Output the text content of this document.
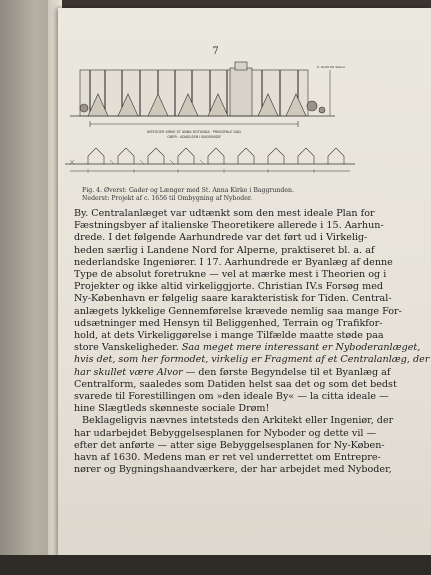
7
INTEGOER KIRKE ST ANNA ROTUNDA · PRINCIPALE GAD
OBER · ADAELSEN I BAGRUNDE
K. PLAN OG SKALA

Fig. 4. Øverst: Gader og Længer med St. Anna Kirke i Baggrunden.

Nederst: Projekt af c. 1656 til Ombygning af Nyboder.

By. Centralanlæget var udtænkt som den mest ideale Plan for
Fæstningsbyer af italienske Theoretikere allerede i 15. Aarhun-
drede. I det følgende Aarhundrede var det ført ud i Virkelig-
heden særlig i Landene Nord for Alperne, praktiseret bl. a. af
nederlandske Ingeniører. I 17. Aarhundrede er Byanlæg af denne
Type de absolut foretrukne — vel at mærke mest i Theorien og i
Projekter og ikke altid virkeliggjorte. Christian IV.s Forsøg med
Ny-København er følgelig saare karakteristisk for Tiden. Central-
anlægets lykkelige Gennemførelse krævede nemlig saa mange For-
udsætninger med Hensyn til Beliggenhed, Terrain og Trafikfor-
hold, at dets Virkeliggørelse i mange Tilfælde maatte støde paa
store Vanskeligheder. Saa meget mere interessant er Nyboderanlæget,
hvis det, som her formodet, virkelig er Fragment af et Centralanlæg, der
har skullet være Alvor — den første Begyndelse til et Byanlæg af
Centralform, saaledes som Datiden helst saa det og som det bedst
svarede til Forestillingen om »den ideale By« — la citta ideale —
hine Slægtleds skønneste sociale Drøm!
Beklageligvis nævnes intetsteds den Arkitekt eller Ingeniør, der
har udarbejdet Bebyggelsesplanen for Nyboder og dette vil —
efter det anførte — atter sige Bebyggelsesplanen for Ny-Køben-
havn af 1630. Medens man er ret vel underrettet om Entrepre-
nører og Bygningshaandværkere, der har arbejdet med Nyboder,
